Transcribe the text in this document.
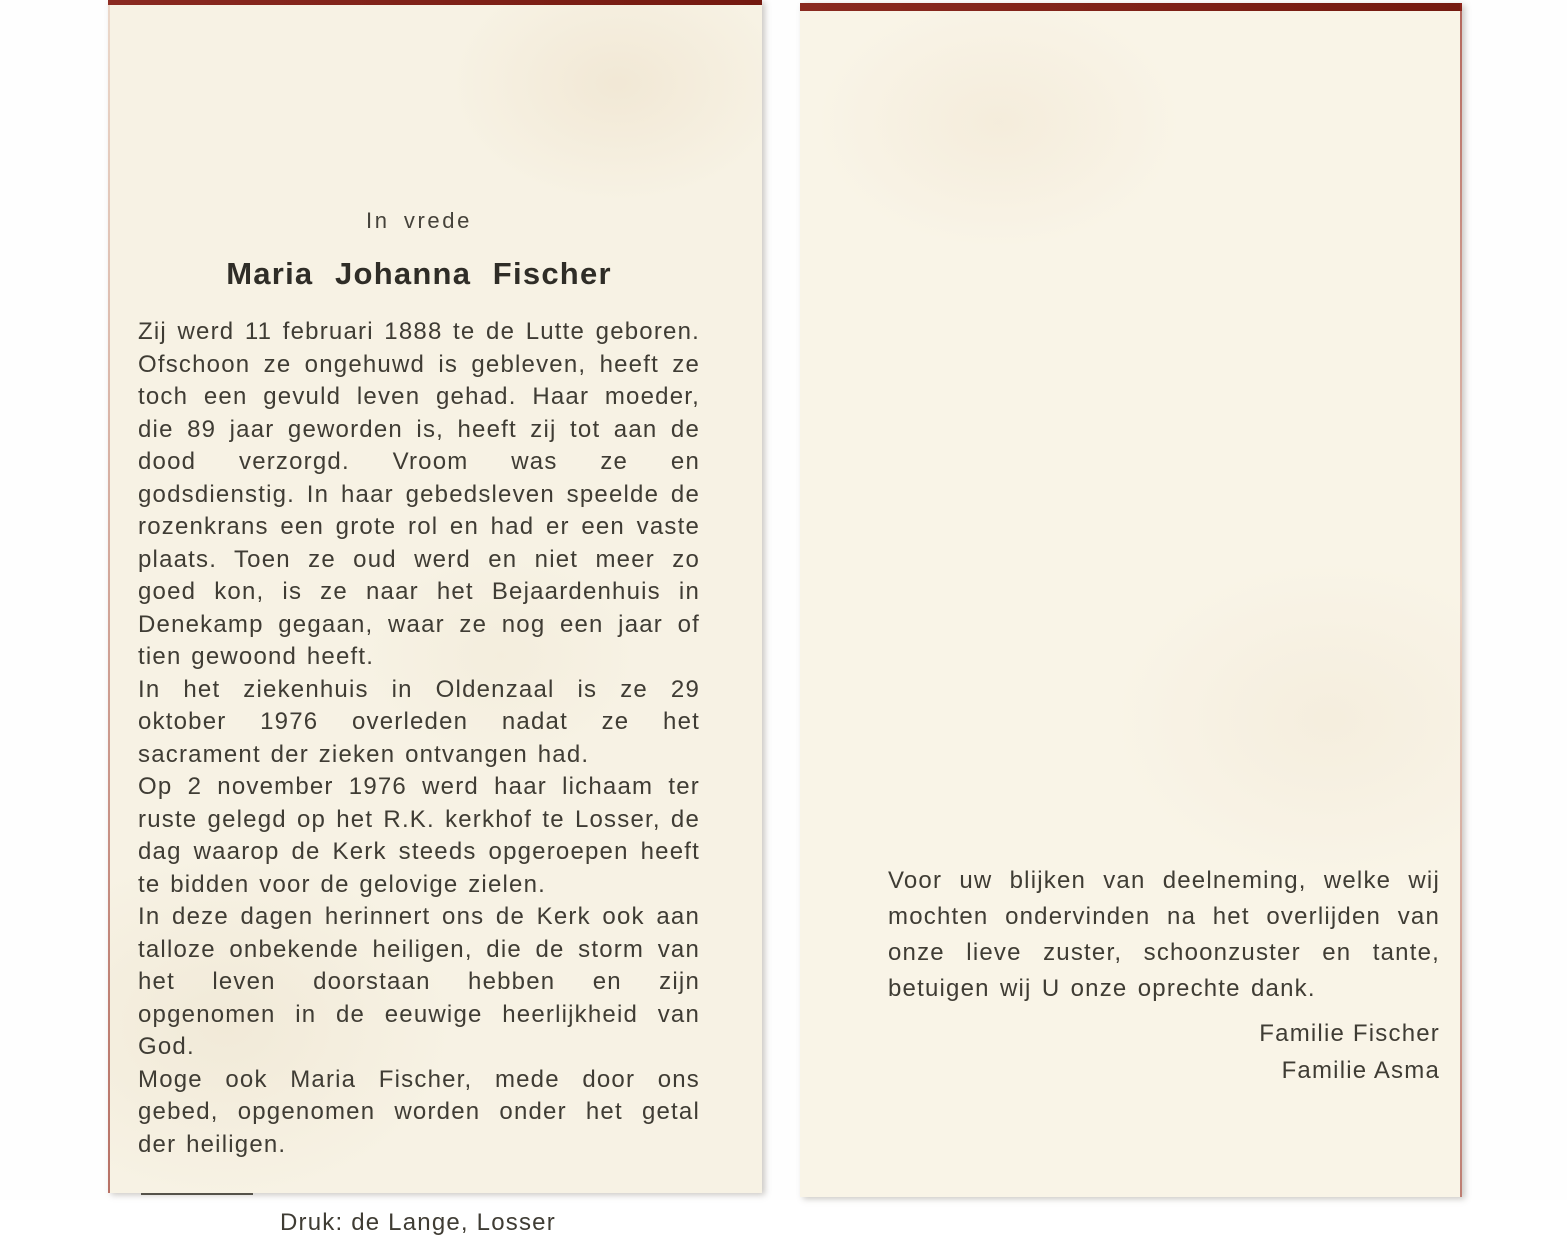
In vrede

Maria Johanna Fischer

Zij werd 11 februari 1888 te de Lutte geboren. Ofschoon ze ongehuwd is gebleven, heeft ze toch een gevuld leven gehad. Haar moeder, die 89 jaar geworden is, heeft zij tot aan de dood verzorgd. Vroom was ze en godsdienstig. In haar gebedsleven speelde de rozenkrans een grote rol en had er een vaste plaats. Toen ze oud werd en niet meer zo goed kon, is ze naar het Bejaardenhuis in Denekamp gegaan, waar ze nog een jaar of tien gewoond heeft.

In het ziekenhuis in Oldenzaal is ze 29 oktober 1976 overleden nadat ze het sacrament der zieken ontvangen had.

Op 2 november 1976 werd haar lichaam ter ruste gelegd op het R.K. kerkhof te Losser, de dag waarop de Kerk steeds opgeroepen heeft te bidden voor de gelovige zielen.

In deze dagen herinnert ons de Kerk ook aan talloze onbekende heiligen, die de storm van het leven doorstaan hebben en zijn opgenomen in de eeuwige heerlijkheid van God.

Moge ook Maria Fischer, mede door ons gebed, opgenomen worden onder het getal der heiligen.

Druk: de Lange, Losser

Voor uw blijken van deelneming, welke wij mochten ondervinden na het overlijden van onze lieve zuster, schoonzuster en tante, betuigen wij U onze oprechte dank.

Familie Fischer

Familie Asma
